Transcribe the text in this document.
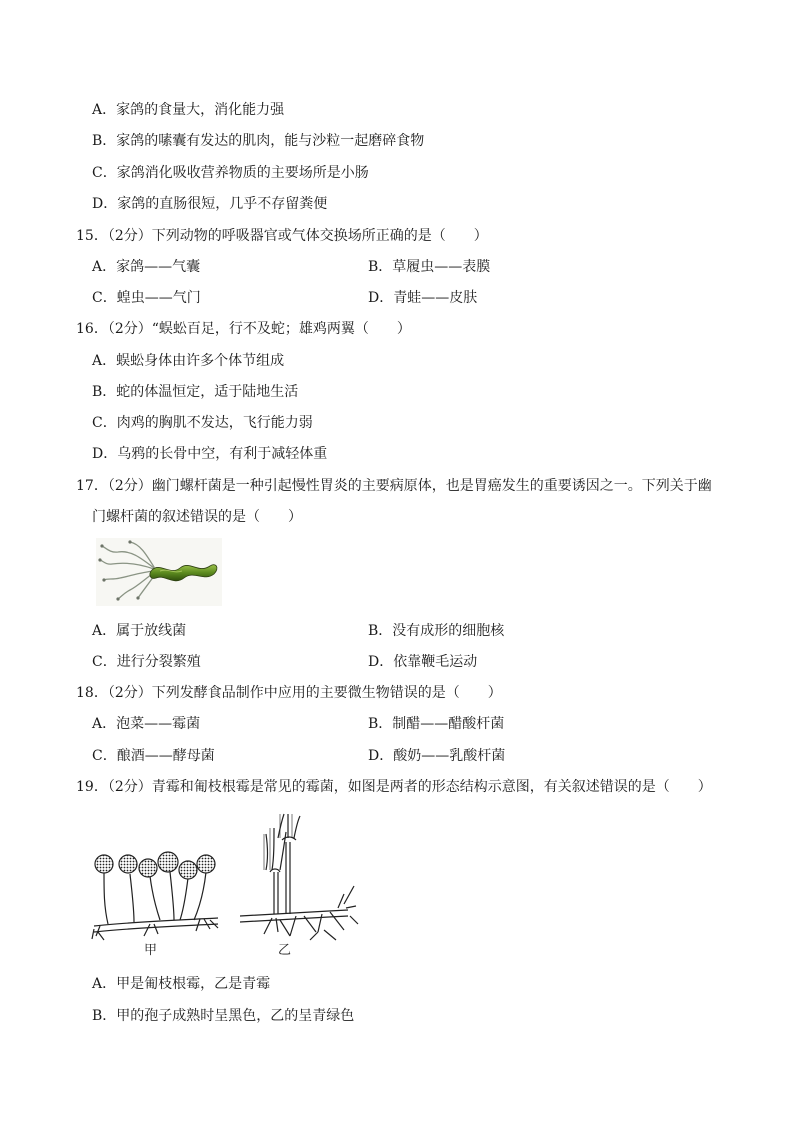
A．家鸽的食量大，消化能力强
B．家鸽的嗉囊有发达的肌肉，能与沙粒一起磨碎食物
C．家鸽消化吸收营养物质的主要场所是小肠
D．家鸽的直肠很短，几乎不存留粪便
15．（2分）下列动物的呼吸器官或气体交换场所正确的是（　　）
A．家鸽——气囊	B．草履虫——表膜
C．蝗虫——气门	D．青蛙——皮肤
16．（2分）“蜈蚣百足，行不及蛇；雄鸡两翼（　　）
A．蜈蚣身体由许多个体节组成
B．蛇的体温恒定，适于陆地生活
C．肉鸡的胸肌不发达，飞行能力弱
D．乌鸦的长骨中空，有利于减轻体重
17．（2分）幽门螺杆菌是一种引起慢性胃炎的主要病原体，也是胃癌发生的重要诱因之一。下列关于幽
门螺杆菌的叙述错误的是（　　）
A．属于放线菌	B．没有成形的细胞核
C．进行分裂繁殖	D．依靠鞭毛运动
18．（2分）下列发酵食品制作中应用的主要微生物错误的是（　　）
A．泡菜——霉菌	B．制醋——醋酸杆菌
C．酿酒——酵母菌	D．酸奶——乳酸杆菌
19．（2分）青霉和匍枝根霉是常见的霉菌，如图是两者的形态结构示意图，有关叙述错误的是（　　）
甲	乙
A．甲是匍枝根霉，乙是青霉
B．甲的孢子成熟时呈黑色，乙的呈青绿色
